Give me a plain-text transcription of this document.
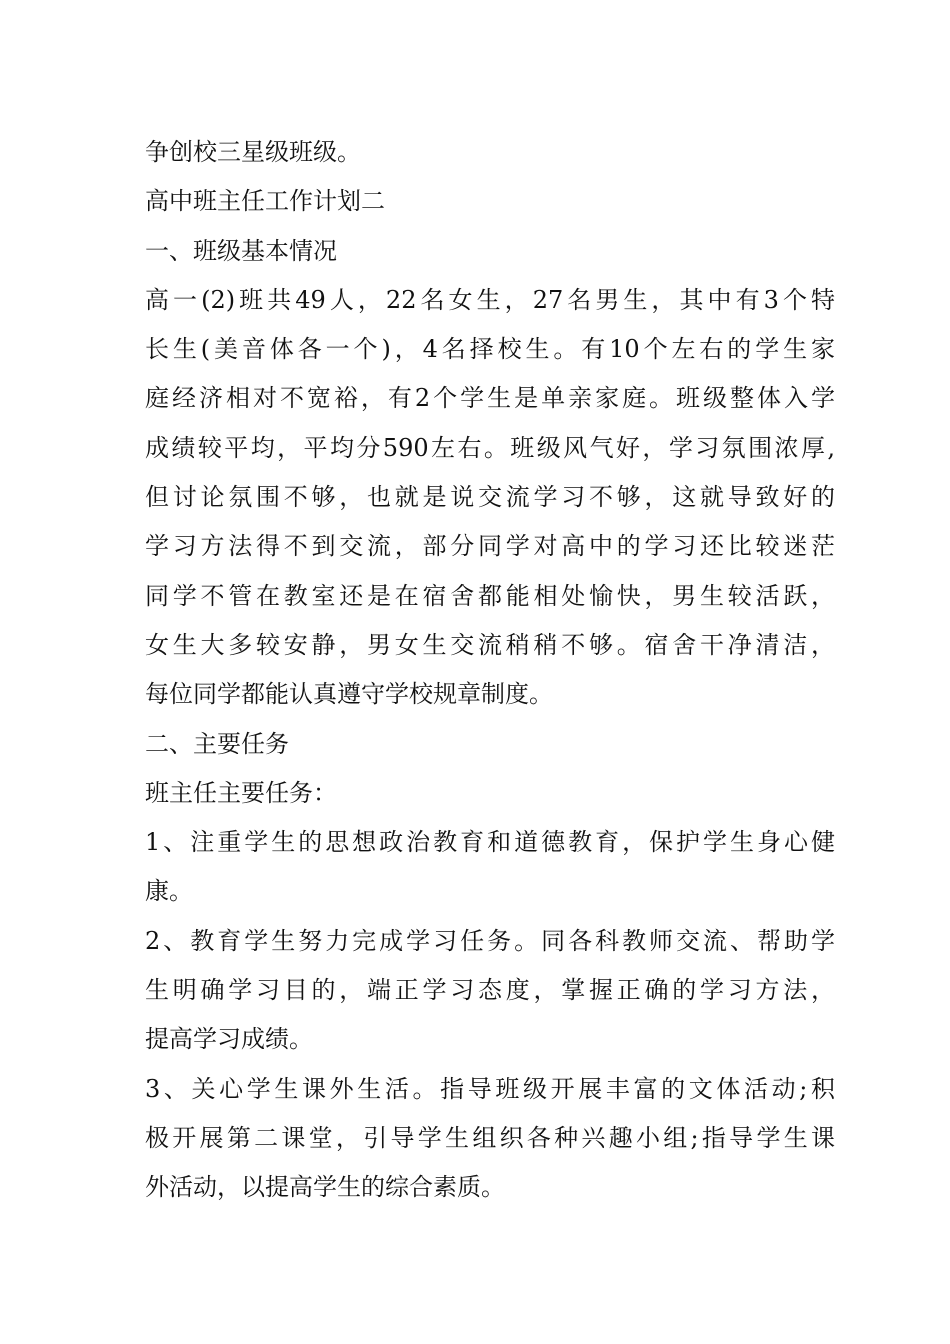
争创校三星级班级。
高中班主任工作计划二
一、班级基本情况
高一(2)班共49人，22名女生，27名男生，其中有3个特
长生(美音体各一个)，4名择校生。有10个左右的学生家
庭经济相对不宽裕，有2个学生是单亲家庭。班级整体入学
成绩较平均，平均分590左右。班级风气好，学习氛围浓厚,
但讨论氛围不够，也就是说交流学习不够，这就导致好的
学习方法得不到交流，部分同学对高中的学习还比较迷茫
同学不管在教室还是在宿舍都能相处愉快，男生较活跃，
女生大多较安静，男女生交流稍稍不够。宿舍干净清洁，
每位同学都能认真遵守学校规章制度。
二、主要任务
班主任主要任务：
1、注重学生的思想政治教育和道德教育，保护学生身心健
康。
2、教育学生努力完成学习任务。同各科教师交流、帮助学
生明确学习目的，端正学习态度，掌握正确的学习方法，
提高学习成绩。
3、关心学生课外生活。指导班级开展丰富的文体活动;积
极开展第二课堂，引导学生组织各种兴趣小组;指导学生课
外活动，以提高学生的综合素质。
